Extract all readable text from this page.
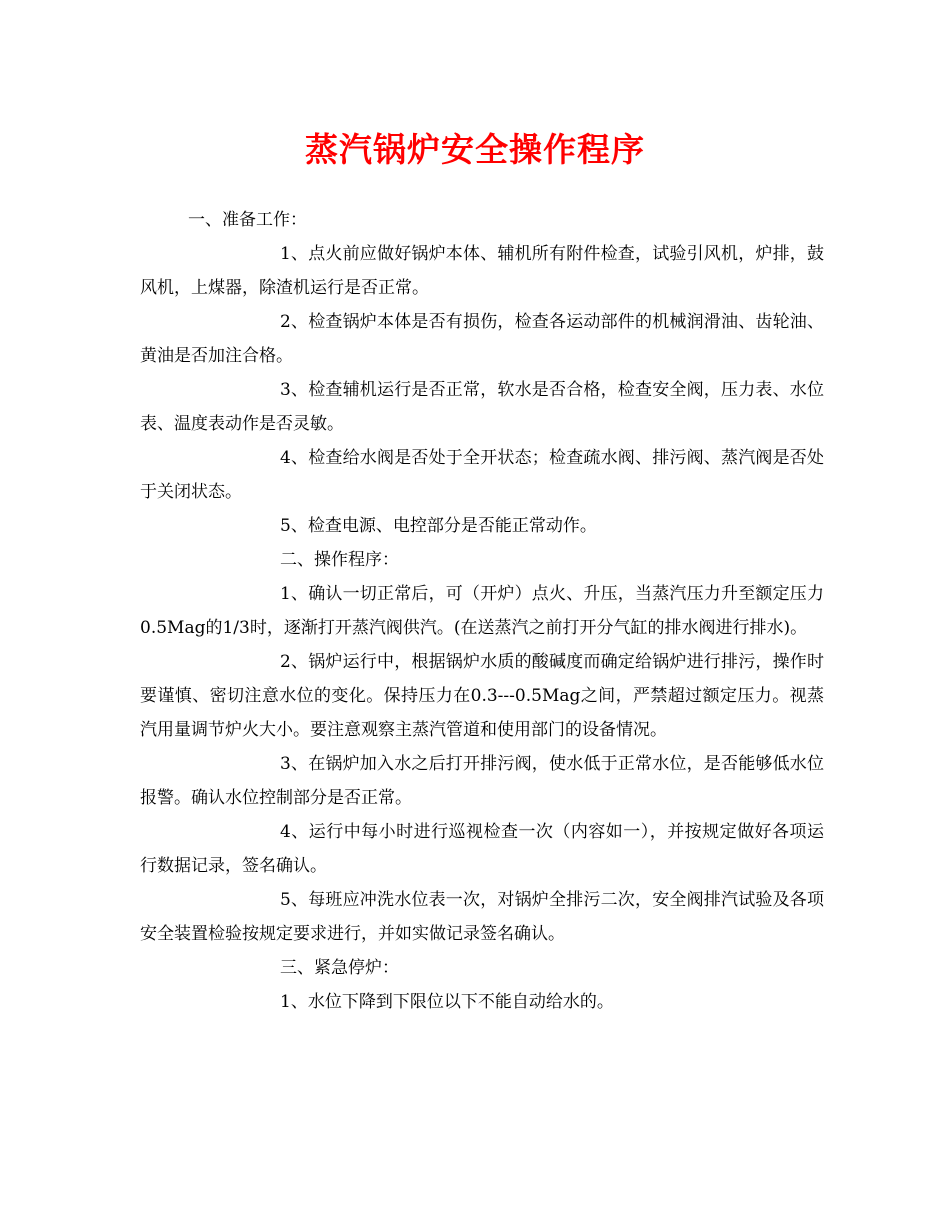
蒸汽锅炉安全操作程序

一、准备工作：

1、点火前应做好锅炉本体、辅机所有附件检查，试验引风机，炉排，鼓风机，上煤器，除渣机运行是否正常。

2、检查锅炉本体是否有损伤，检查各运动部件的机械润滑油、齿轮油、黄油是否加注合格。

3、检查辅机运行是否正常，软水是否合格，检查安全阀，压力表、水位表、温度表动作是否灵敏。

4、检查给水阀是否处于全开状态；检查疏水阀、排污阀、蒸汽阀是否处于关闭状态。

5、检查电源、电控部分是否能正常动作。

二、操作程序：

1、确认一切正常后，可（开炉）点火、升压，当蒸汽压力升至额定压力0.5Mag的1/3时，逐渐打开蒸汽阀供汽。(在送蒸汽之前打开分气缸的排水阀进行排水)。

2、锅炉运行中，根据锅炉水质的酸碱度而确定给锅炉进行排污，操作时要谨慎、密切注意水位的变化。保持压力在0.3---0.5Mag之间，严禁超过额定压力。视蒸汽用量调节炉火大小。要注意观察主蒸汽管道和使用部门的设备情况。

3、在锅炉加入水之后打开排污阀，使水低于正常水位，是否能够低水位报警。确认水位控制部分是否正常。

4、运行中每小时进行巡视检查一次（内容如一），并按规定做好各项运行数据记录，签名确认。

5、每班应冲洗水位表一次，对锅炉全排污二次，安全阀排汽试验及各项安全装置检验按规定要求进行，并如实做记录签名确认。

三、紧急停炉：

1、水位下降到下限位以下不能自动给水的。
